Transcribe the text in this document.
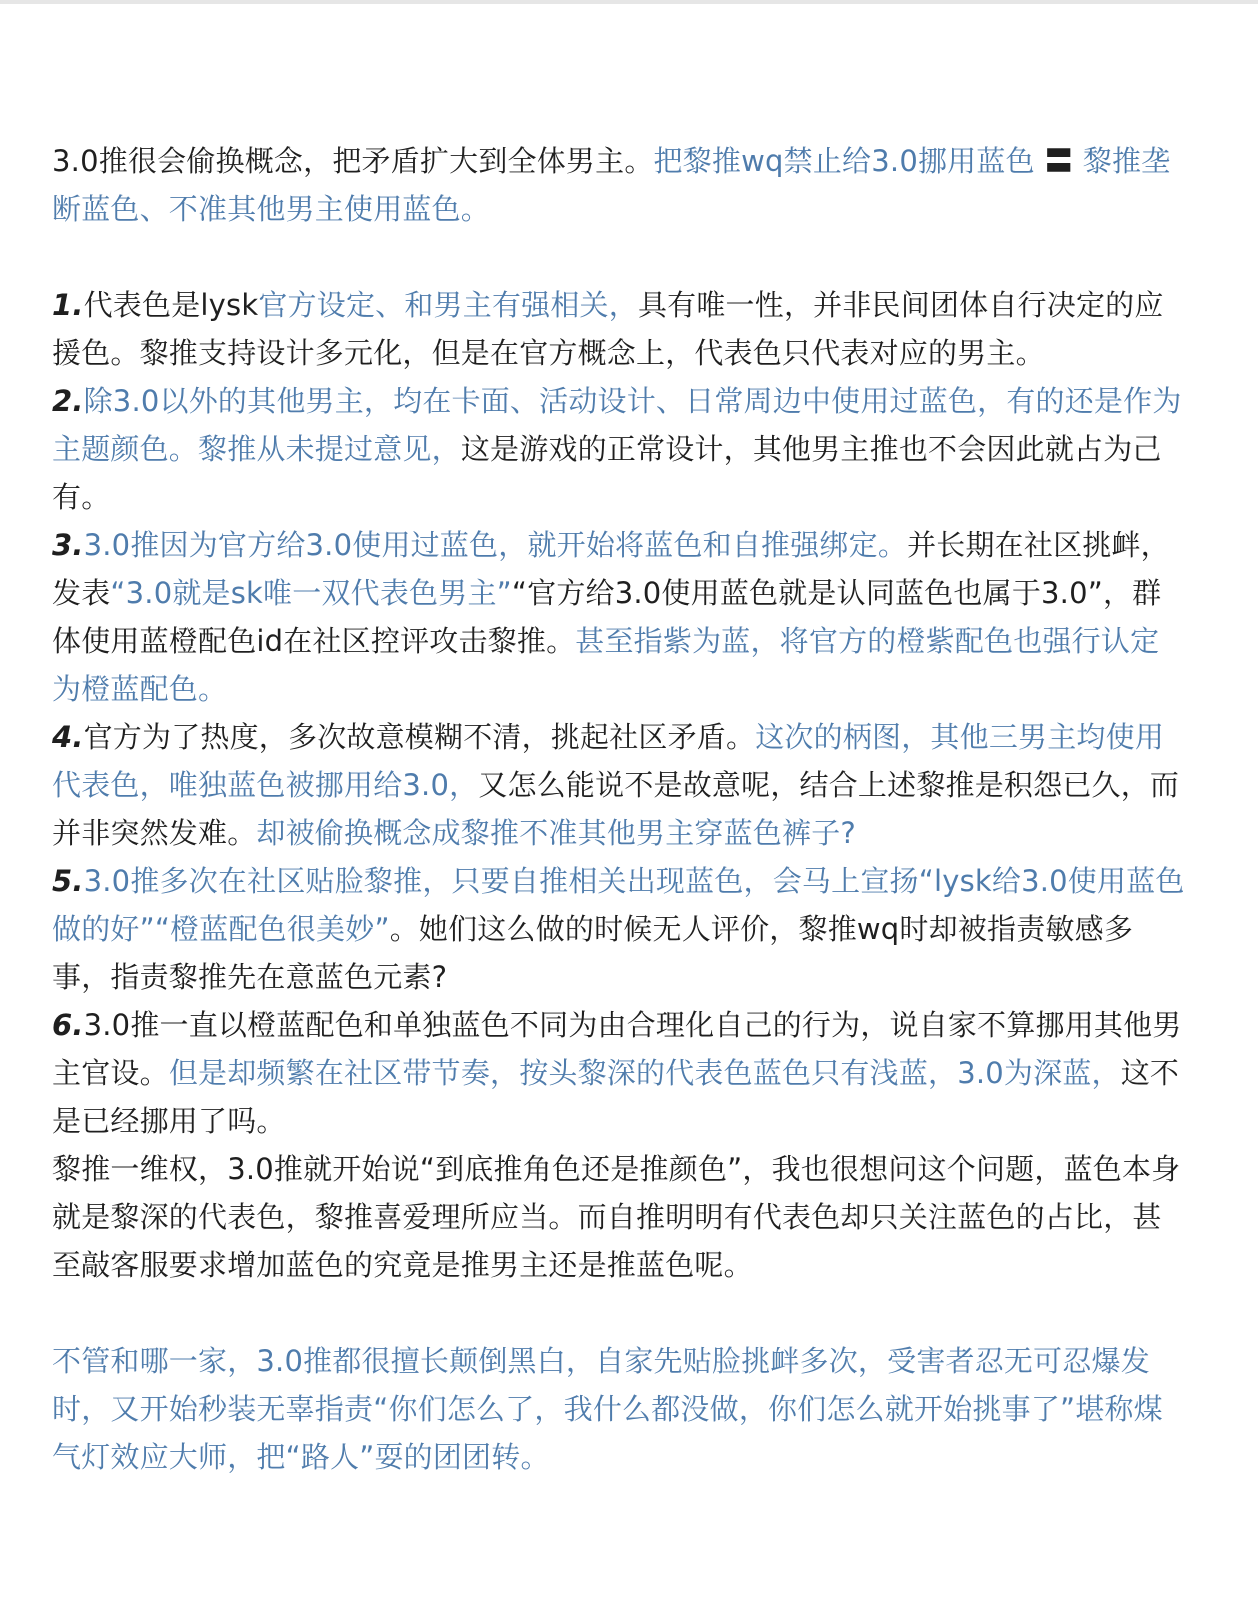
3.0推很会偷换概念，把矛盾扩大到全体男主。把黎推wq禁止给3.0挪用蓝色 〓 黎推垄断蓝色、不准其他男主使用蓝色。

1.代表色是lysk官方设定、和男主有强相关，具有唯一性，并非民间团体自行决定的应援色。黎推支持设计多元化，但是在官方概念上，代表色只代表对应的男主。

2.除3.0以外的其他男主，均在卡面、活动设计、日常周边中使用过蓝色，有的还是作为主题颜色。黎推从未提过意见，这是游戏的正常设计，其他男主推也不会因此就占为己有。

3.3.0推因为官方给3.0使用过蓝色，就开始将蓝色和自推强绑定。并长期在社区挑衅，发表“3.0就是sk唯一双代表色男主”“官方给3.0使用蓝色就是认同蓝色也属于3.0”，群体使用蓝橙配色id在社区控评攻击黎推。甚至指紫为蓝，将官方的橙紫配色也强行认定为橙蓝配色。

4.官方为了热度，多次故意模糊不清，挑起社区矛盾。这次的柄图，其他三男主均使用代表色，唯独蓝色被挪用给3.0，又怎么能说不是故意呢，结合上述黎推是积怨已久，而并非突然发难。却被偷换概念成黎推不准其他男主穿蓝色裤子?

5.3.0推多次在社区贴脸黎推，只要自推相关出现蓝色，会马上宣扬“lysk给3.0使用蓝色做的好”“橙蓝配色很美妙”。她们这么做的时候无人评价，黎推wq时却被指责敏感多事，指责黎推先在意蓝色元素?

6.3.0推一直以橙蓝配色和单独蓝色不同为由合理化自己的行为，说自家不算挪用其他男主官设。但是却频繁在社区带节奏，按头黎深的代表色蓝色只有浅蓝，3.0为深蓝，这不是已经挪用了吗。

黎推一维权，3.0推就开始说“到底推角色还是推颜色”，我也很想问这个问题，蓝色本身就是黎深的代表色，黎推喜爱理所应当。而自推明明有代表色却只关注蓝色的占比，甚至敲客服要求增加蓝色的究竟是推男主还是推蓝色呢。

不管和哪一家，3.0推都很擅长颠倒黑白，自家先贴脸挑衅多次，受害者忍无可忍爆发时，又开始秒装无辜指责“你们怎么了，我什么都没做，你们怎么就开始挑事了”堪称煤气灯效应大师，把“路人”耍的团团转。
